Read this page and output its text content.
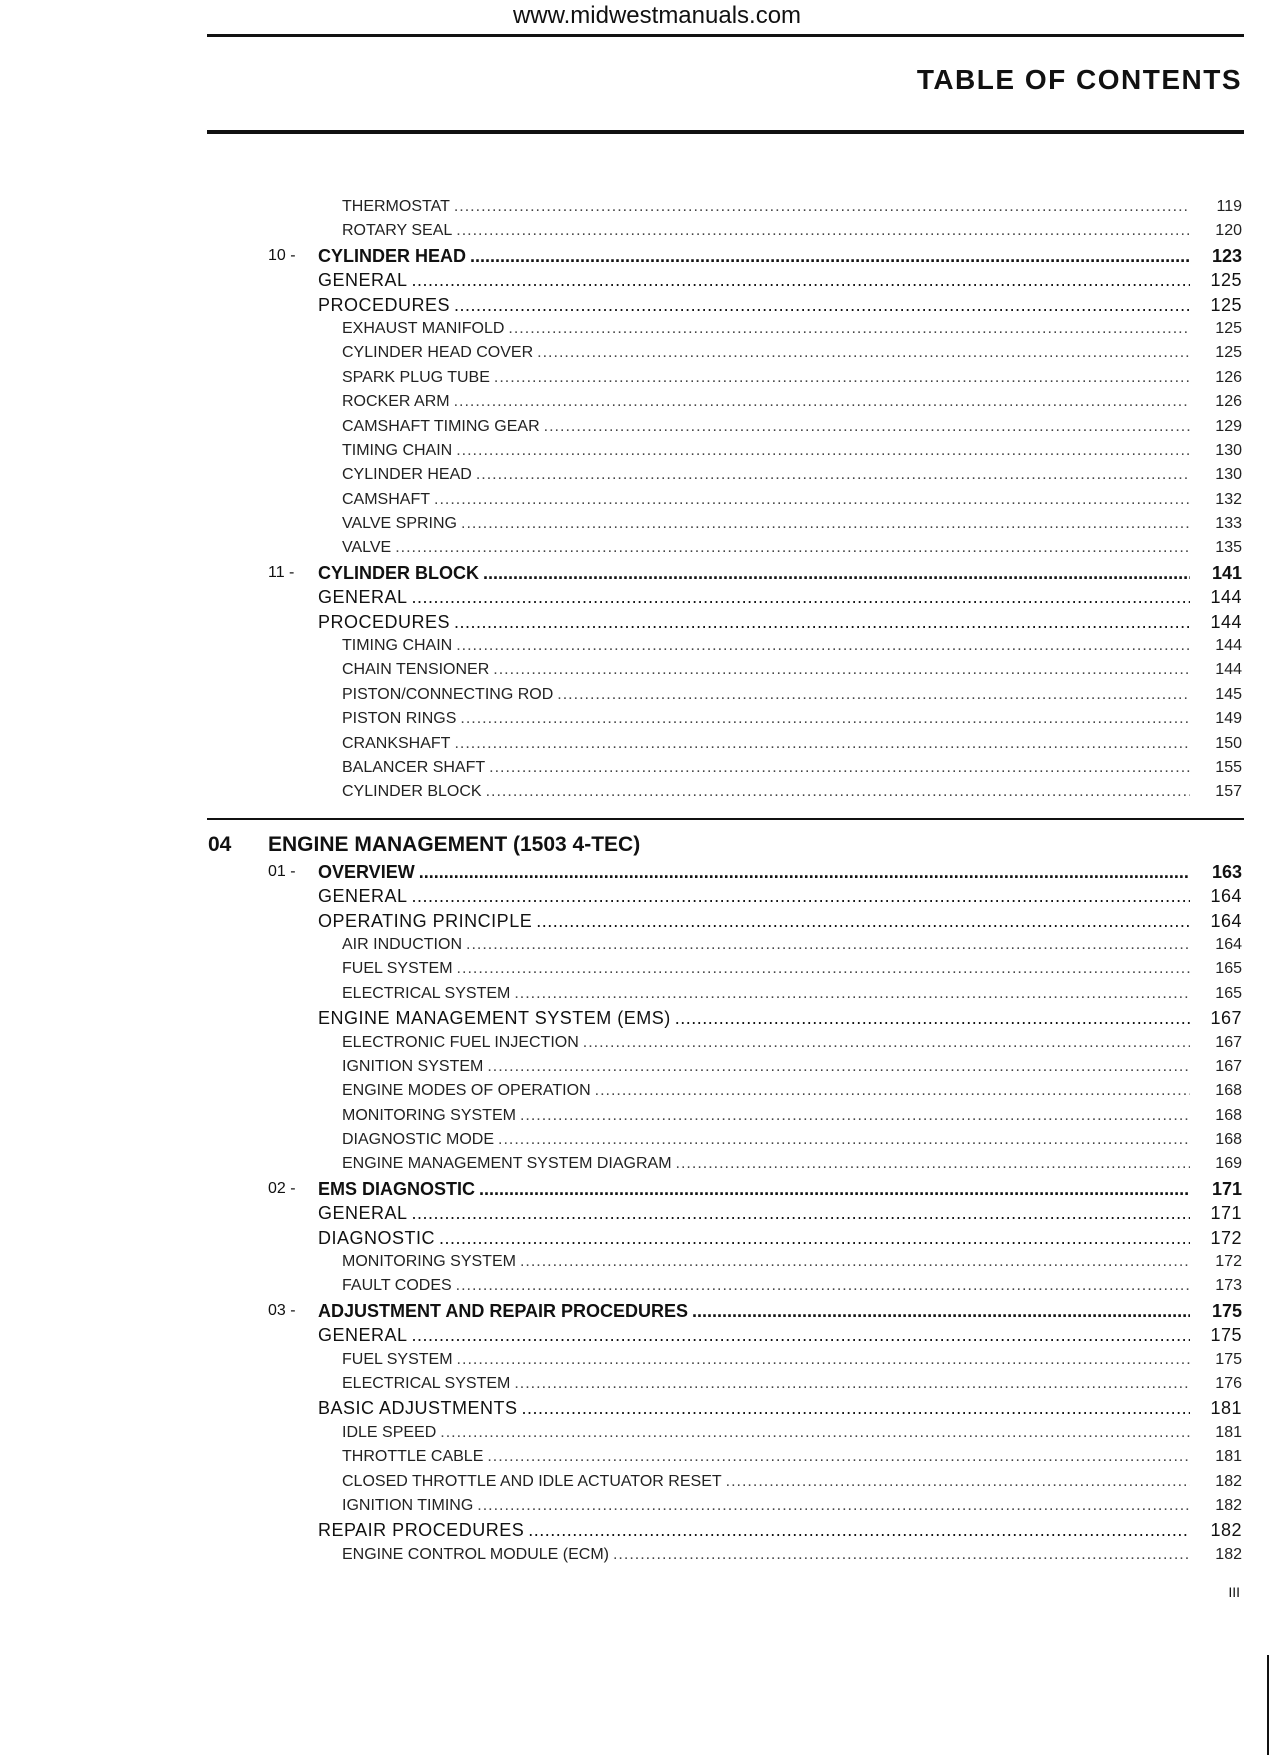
www.midwestmanuals.com
TABLE OF CONTENTS
THERMOSTAT .....	119
ROTARY SEAL .....	120
10 -	CYLINDER HEAD .....	123
GENERAL .....	125
PROCEDURES .....	125
EXHAUST MANIFOLD .....	125
CYLINDER HEAD COVER .....	125
SPARK PLUG TUBE .....	126
ROCKER ARM .....	126
CAMSHAFT TIMING GEAR .....	129
TIMING CHAIN .....	130
CYLINDER HEAD .....	130
CAMSHAFT .....	132
VALVE SPRING .....	133
VALVE .....	135
11 -	CYLINDER BLOCK .....	141
GENERAL .....	144
PROCEDURES .....	144
TIMING CHAIN .....	144
CHAIN TENSIONER .....	144
PISTON/CONNECTING ROD .....	145
PISTON RINGS .....	149
CRANKSHAFT .....	150
BALANCER SHAFT .....	155
CYLINDER BLOCK .....	157
04 ENGINE MANAGEMENT (1503 4-TEC)
01 -	OVERVIEW .....	163
GENERAL .....	164
OPERATING PRINCIPLE .....	164
AIR INDUCTION .....	164
FUEL SYSTEM .....	165
ELECTRICAL SYSTEM .....	165
ENGINE MANAGEMENT SYSTEM (EMS) .....	167
ELECTRONIC FUEL INJECTION .....	167
IGNITION SYSTEM .....	167
ENGINE MODES OF OPERATION .....	168
MONITORING SYSTEM .....	168
DIAGNOSTIC MODE .....	168
ENGINE MANAGEMENT SYSTEM DIAGRAM .....	169
02 -	EMS DIAGNOSTIC .....	171
GENERAL .....	171
DIAGNOSTIC .....	172
MONITORING SYSTEM .....	172
FAULT CODES .....	173
03 -	ADJUSTMENT AND REPAIR PROCEDURES .....	175
GENERAL .....	175
FUEL SYSTEM .....	175
ELECTRICAL SYSTEM .....	176
BASIC ADJUSTMENTS .....	181
IDLE SPEED .....	181
THROTTLE CABLE .....	181
CLOSED THROTTLE AND IDLE ACTUATOR RESET .....	182
IGNITION TIMING .....	182
REPAIR PROCEDURES .....	182
ENGINE CONTROL MODULE (ECM) .....	182
III
